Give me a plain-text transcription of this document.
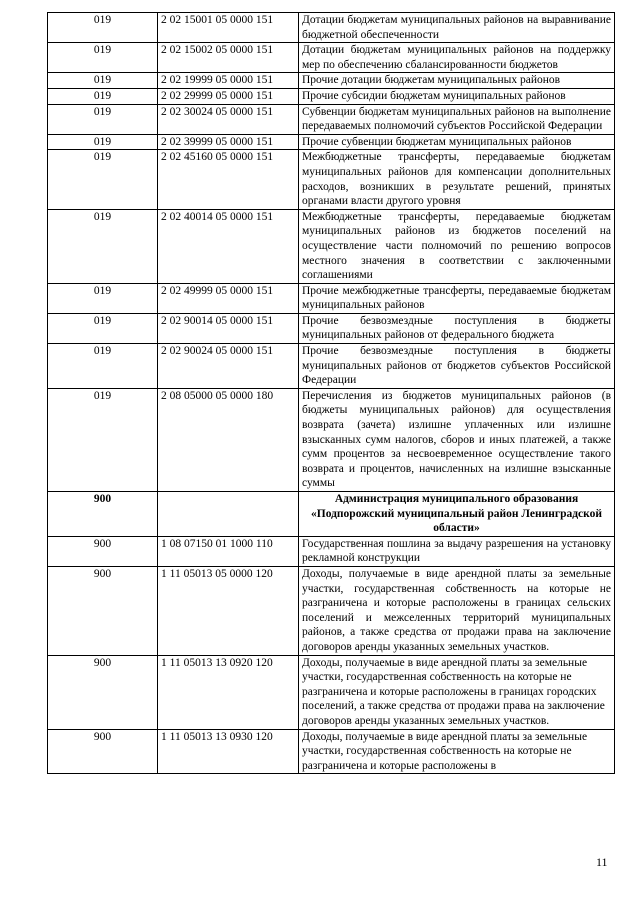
019	2 02 15001 05 0000 151	Дотации бюджетам муниципальных районов на выравнивание бюджетной обеспеченности
019	2 02 15002 05 0000 151	Дотации бюджетам муниципальных районов на поддержку мер по обеспечению сбалансированности бюджетов
019	2 02 19999 05 0000 151	Прочие дотации бюджетам муниципальных районов
019	2 02 29999 05 0000 151	Прочие субсидии бюджетам муниципальных районов
019	2 02 30024 05 0000 151	Субвенции бюджетам муниципальных районов на выполнение передаваемых полномочий субъектов Российской Федерации
019	2 02 39999 05 0000 151	Прочие субвенции бюджетам муниципальных районов
019	2 02 45160 05 0000 151	Межбюджетные трансферты, передаваемые бюджетам муниципальных районов для компенсации дополнительных расходов, возникших в результате решений, принятых органами власти другого уровня
019	2 02 40014 05 0000 151	Межбюджетные трансферты, передаваемые бюджетам муниципальных районов из бюджетов поселений на осуществление части полномочий по решению вопросов местного значения в соответствии с заключенными соглашениями
019	2 02 49999 05 0000 151	Прочие межбюджетные трансферты, передаваемые бюджетам муниципальных районов
019	2 02 90014 05 0000 151	Прочие безвозмездные поступления в бюджеты муниципальных районов от федерального бюджета
019	2 02 90024 05 0000 151	Прочие безвозмездные поступления в бюджеты муниципальных районов от бюджетов субъектов Российской Федерации
019	2 08 05000 05 0000 180	Перечисления из бюджетов муниципальных районов (в бюджеты муниципальных районов) для осуществления возврата (зачета) излишне уплаченных или излишне взысканных сумм налогов, сборов и иных платежей, а также сумм процентов за несвоевременное осуществление такого возврата и процентов, начисленных на излишне взысканные суммы
900		Администрация муниципального образования «Подпорожский муниципальный район Ленинградской области»
900	1 08 07150 01 1000 110	Государственная пошлина за выдачу разрешения на установку рекламной конструкции
900	1 11 05013 05 0000 120	Доходы, получаемые в виде арендной платы за земельные участки, государственная собственность на которые не разграничена и которые расположены в границах сельских поселений и межселенных территорий муниципальных районов, а также средства от продажи права на заключение договоров аренды указанных земельных участков.
900	1 11 05013 13 0920 120	Доходы, получаемые в виде арендной платы за земельные участки, государственная собственность на которые не разграничена и которые расположены в границах городских поселений, а также средства от продажи права на заключение договоров аренды указанных земельных участков.
900	1 11 05013 13 0930 120	Доходы, получаемые в виде арендной платы за земельные участки, государственная собственность на которые не разграничена и которые расположены в
11
